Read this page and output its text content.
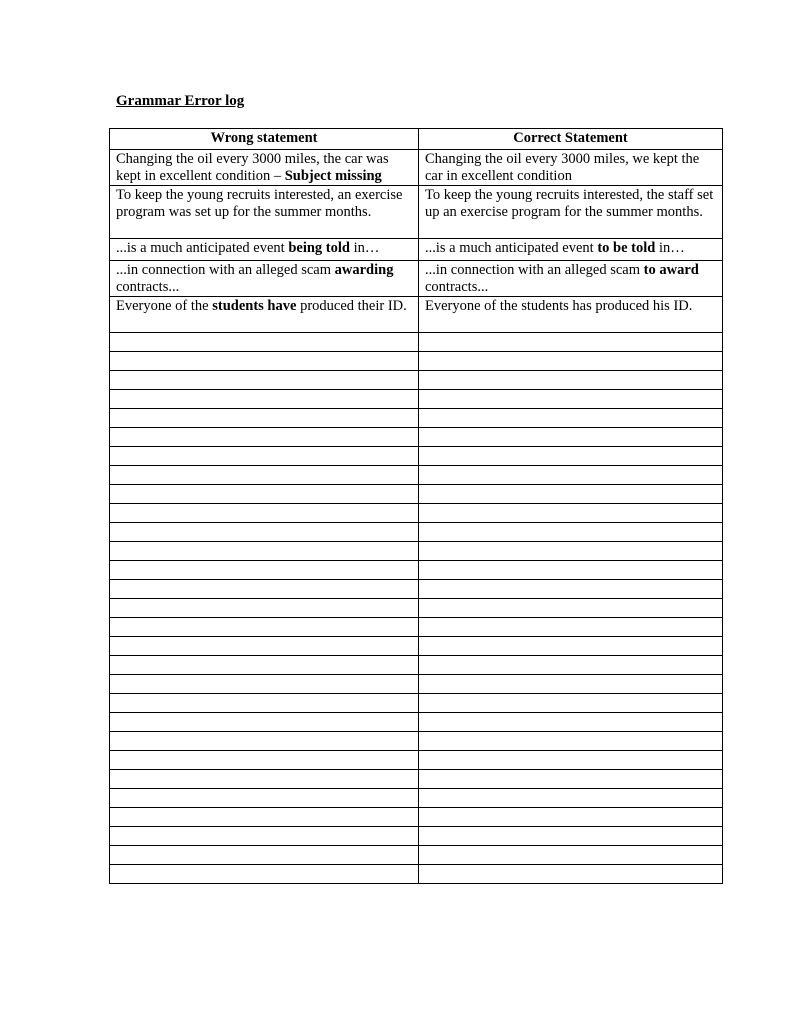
Grammar Error log
Wrong statement	Correct Statement
Changing the oil every 3000 miles, the car was kept in excellent condition – Subject missing	Changing the oil every 3000 miles, we kept the car in excellent condition
To keep the young recruits interested, an exercise program was set up for the summer months.	To keep the young recruits interested, the staff set up an exercise program for the summer months.
...is a much anticipated event being told in…	...is a much anticipated event to be told in…
...in connection with an alleged scam awarding contracts...	...in connection with an alleged scam to award contracts...
Everyone of the students have produced their ID.	Everyone of the students has produced his ID.
